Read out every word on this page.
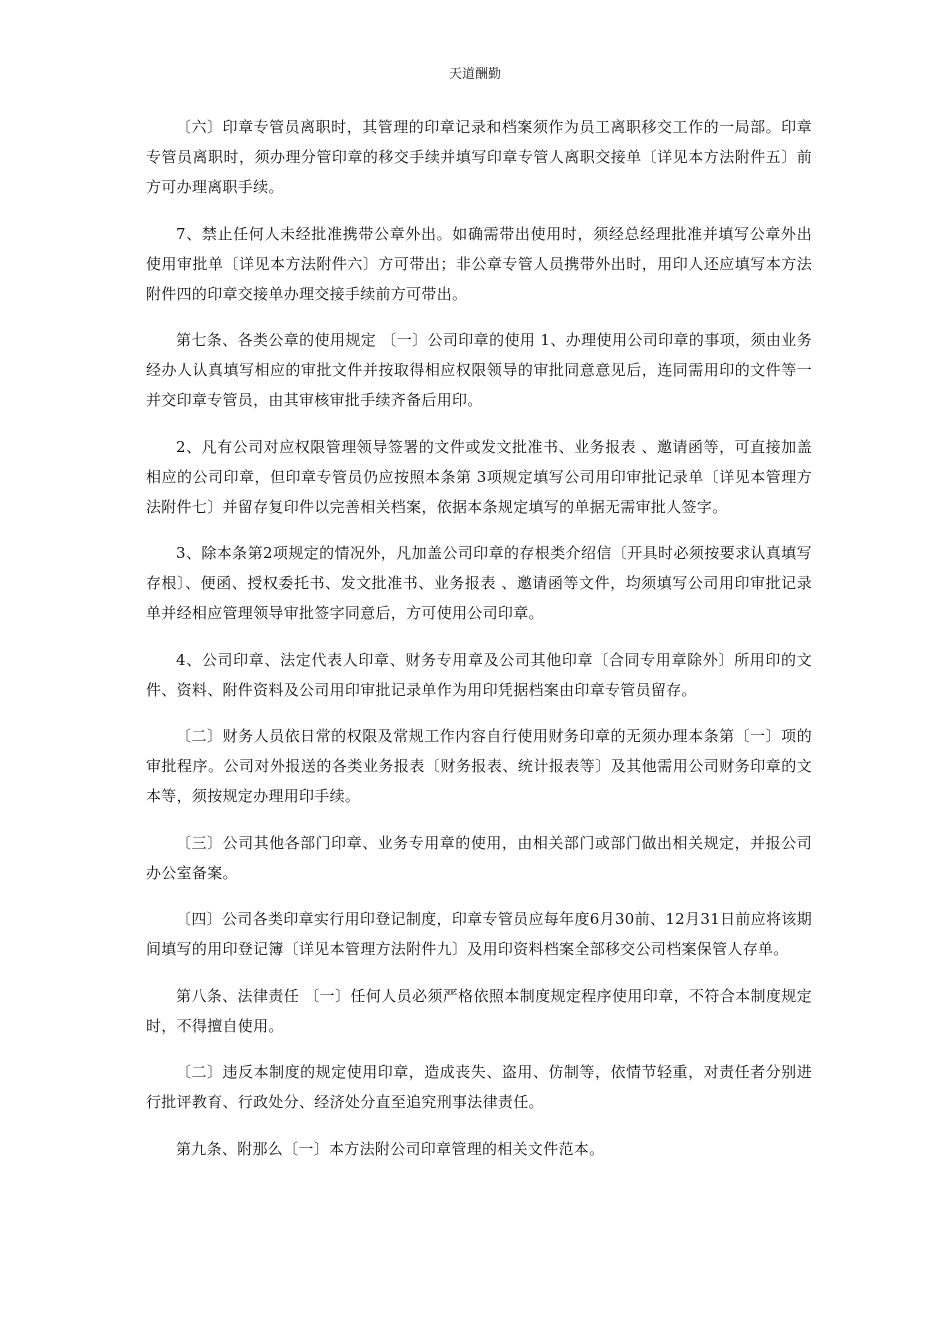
天道酬勤

〔六〕印章专管员离职时，其管理的印章记录和档案须作为员工离职移交工作的一局部。印章专管员离职时，须办理分管印章的移交手续并填写印章专管人离职交接单〔详见本方法附件五〕前方可办理离职手续。

7、禁止任何人未经批准携带公章外出。如确需带出使用时，须经总经理批准并填写公章外出使用审批单〔详见本方法附件六〕方可带出；非公章专管人员携带外出时，用印人还应填写本方法附件四的印章交接单办理交接手续前方可带出。

第七条、各类公章的使用规定 〔一〕公司印章的使用 1、办理使用公司印章的事项，须由业务经办人认真填写相应的审批文件并按取得相应权限领导的审批同意意见后，连同需用印的文件等一并交印章专管员，由其审核审批手续齐备后用印。

2、凡有公司对应权限管理领导签署的文件或发文批准书、业务报表 、邀请函等，可直接加盖相应的公司印章，但印章专管员仍应按照本条第 3项规定填写公司用印审批记录单〔详见本管理方法附件七〕并留存复印件以完善相关档案，依据本条规定填写的单据无需审批人签字。

3、除本条第2项规定的情况外，凡加盖公司印章的存根类介绍信〔开具时必须按要求认真填写存根〕、便函、授权委托书、发文批准书、业务报表 、邀请函等文件，均须填写公司用印审批记录单并经相应管理领导审批签字同意后，方可使用公司印章。

4、公司印章、法定代表人印章、财务专用章及公司其他印章〔合同专用章除外〕所用印的文件、资料、附件资料及公司用印审批记录单作为用印凭据档案由印章专管员留存。

〔二〕财务人员依日常的权限及常规工作内容自行使用财务印章的无须办理本条第〔一〕项的审批程序。公司对外报送的各类业务报表〔财务报表、统计报表等〕及其他需用公司财务印章的文本等，须按规定办理用印手续。

〔三〕公司其他各部门印章、业务专用章的使用，由相关部门或部门做出相关规定，并报公司办公室备案。

〔四〕公司各类印章实行用印登记制度，印章专管员应每年度6月30前、12月31日前应将该期间填写的用印登记簿〔详见本管理方法附件九〕及用印资料档案全部移交公司档案保管人存单。

第八条、法律责任 〔一〕任何人员必须严格依照本制度规定程序使用印章，不符合本制度规定时，不得擅自使用。

〔二〕违反本制度的规定使用印章，造成丧失、盗用、仿制等，依情节轻重，对责任者分别进行批评教育、行政处分、经济处分直至追究刑事法律责任。

第九条、附那么〔一〕本方法附公司印章管理的相关文件范本。
